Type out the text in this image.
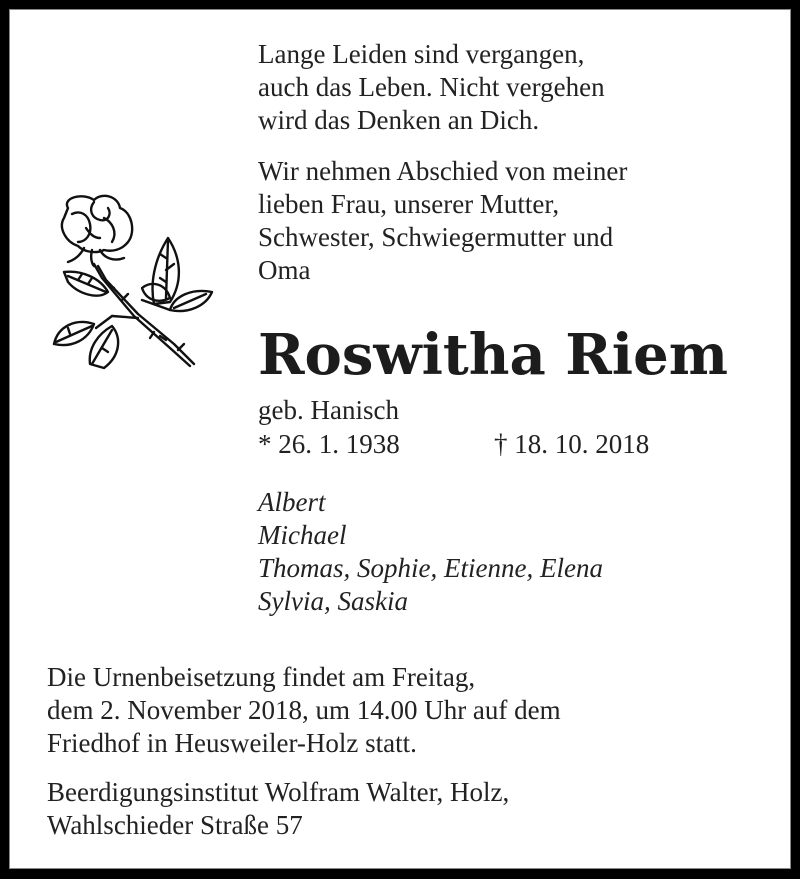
Lange Leiden sind vergangen,
auch das Leben. Nicht vergehen
wird das Denken an Dich.
Wir nehmen Abschied von meiner
lieben Frau, unserer Mutter,
Schwester, Schwiegermutter und
Oma
Roswitha Riem
geb. Hanisch
* 26. 1. 1938	† 18. 10. 2018
Albert
Michael
Thomas, Sophie, Etienne, Elena
Sylvia, Saskia
Die Urnenbeisetzung findet am Freitag,
dem 2. November 2018, um 14.00 Uhr auf dem
Friedhof in Heusweiler-Holz statt.
Beerdigungsinstitut Wolfram Walter, Holz,
Wahlschieder Straße 57
